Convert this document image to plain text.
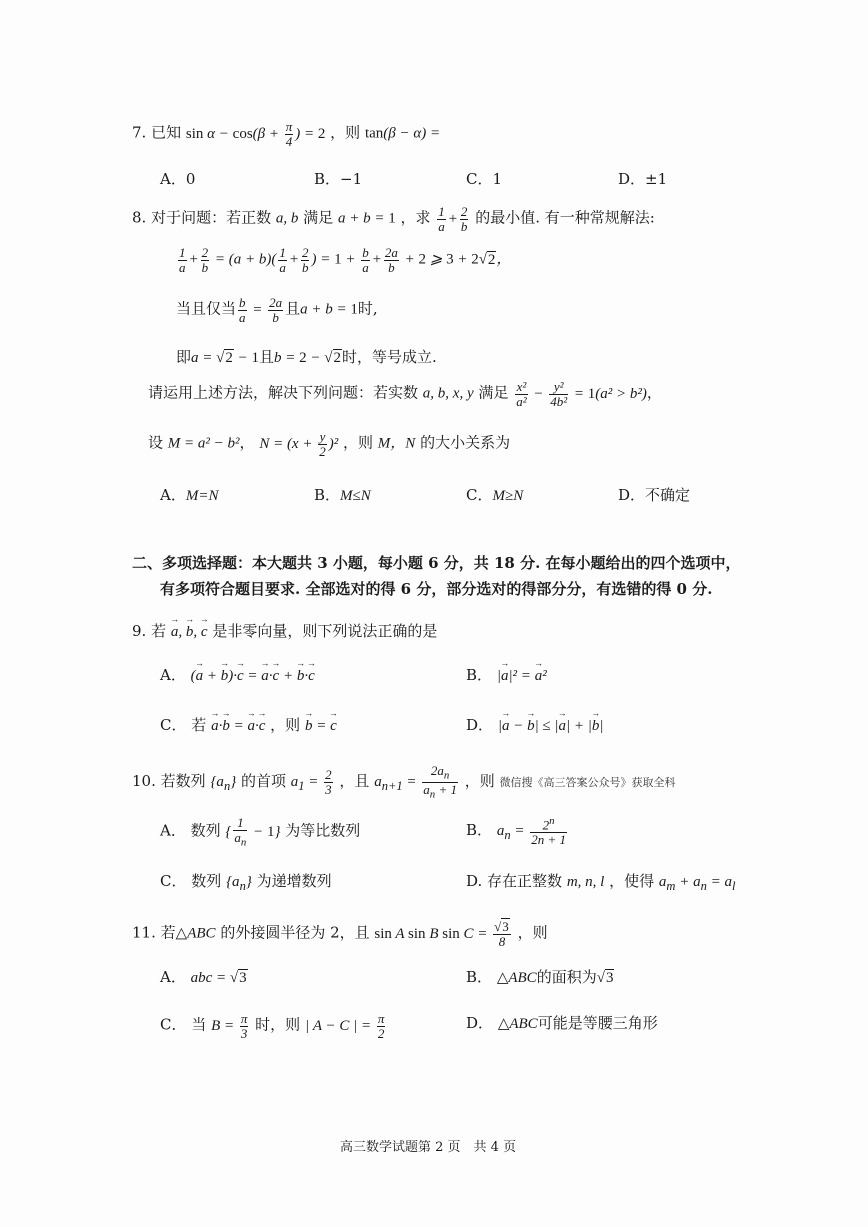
7. 已知 $\sin \alpha - \cos(\beta + \frac{\pi}{4}$ ) = 2 ，则 tan(β − α) =
A．0	B．−1	C．1	D．±1
8. 对于问题：若正数 a, b 满足 a + b = 1 ，求 $\frac{1}{a} + \frac{2}{b}$ 的最小值. 有一种常规解法:
$\frac{1}{a} + \frac{2}{b} = (a + b)( \frac{1}{a} + \frac{2}{b}$ ) = $1 + \frac{b}{a} + \frac{2a}{b} + 2$ ⩾ 3 + 2√2，
当且仅当 $\frac{b}{a} = \frac{2a}{b}$ 且a + b = 1时,
即a = √2 − 1且b = 2 − √2时，等号成立.
请运用上述方法，解决下列问题：若实数 a, b, x, y 满足 $\frac{\text{x²}}{\text{a²}} - \frac{\text{y²}}{\text{4b²}} = 1(a^2 > b^2)$，
设 M = a² − b²， $N = (x + \frac{y}{2} )^2$ ，则 M，N 的大小关系为
A．M=N	B．M≤N	C．M≥N	D．不确定
二、多项选择题：本大题共 3 小题，每小题 6 分，共 18 分. 在每小题给出的四个选项中，
有多项符合题目要求. 全部选对的得 6 分，部分选对的得部分分，有选错的得 0 分.
9. 若 → a, → b, → c 是非零向量，则下列说法正确的是
A． (→ a + → b)·→ c = → a·→ c + → b·→ c	B． |→ a|² = → a²
C． 若 → a·→ b = → a·→ c ，则 → b = → c	D． |→ a − → b| ≤ |→ a| + |→ b|
10. 若数列 $\{a_n\}$ 的首项 $a_1 = \frac{2}{3}$ ，且 $a_{n+1} = \frac{2a_n}{a_n + 1}$ ，则 微信搜《高三答案公众号》获取全科
A． 数列 { $\frac{1}{a_n} - 1$} 为等比数列	B． $a_n = \frac{2^n}{2n + 1}$
C． 数列 $\{a_n\}$ 为递增数列	D. 存在正整数 m, n, l ，使得 $a_m + a_n = a_l$
11. 若△ABC 的外接圆半径为 2，且 sin A sin B $\sin C = \frac{√3}{8}$ ，则
A． abc = √3	B． △ABC的面积为√3
C． 当 $B = \frac{\pi}{3}$ 时，则 | A − C | = $\frac{\pi}{2}$	D． △ABC可能是等腰三角形
高三数学试题第 2 页　共 4 页
